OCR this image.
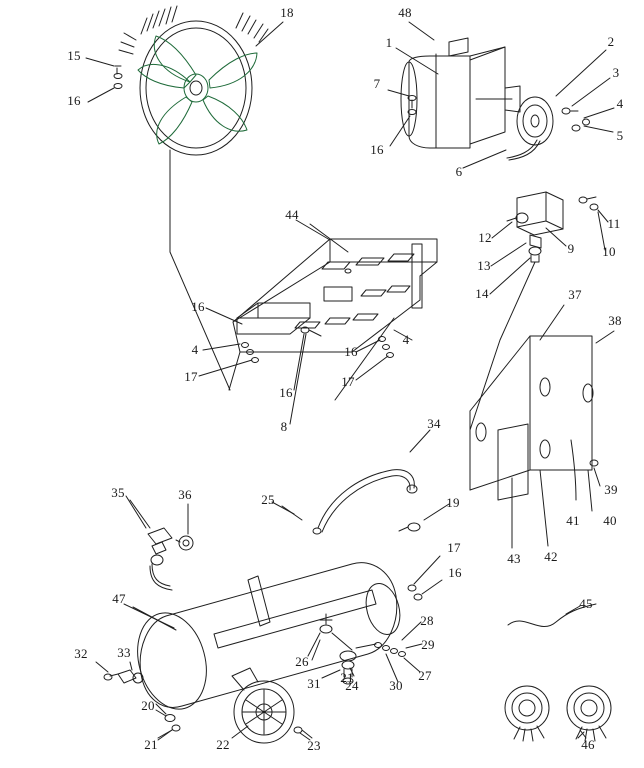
18	48
1	2
15
3
7
16	4
5
16
6
11
44
12
9 10
13
14	37
16
38
4	16
4
17
16
17
8	34
19
25
35	36	39
41 40
43 42
17
16
47	45
28
29
32 33
26
27
31 21
24 30
20
21	22	23	46
